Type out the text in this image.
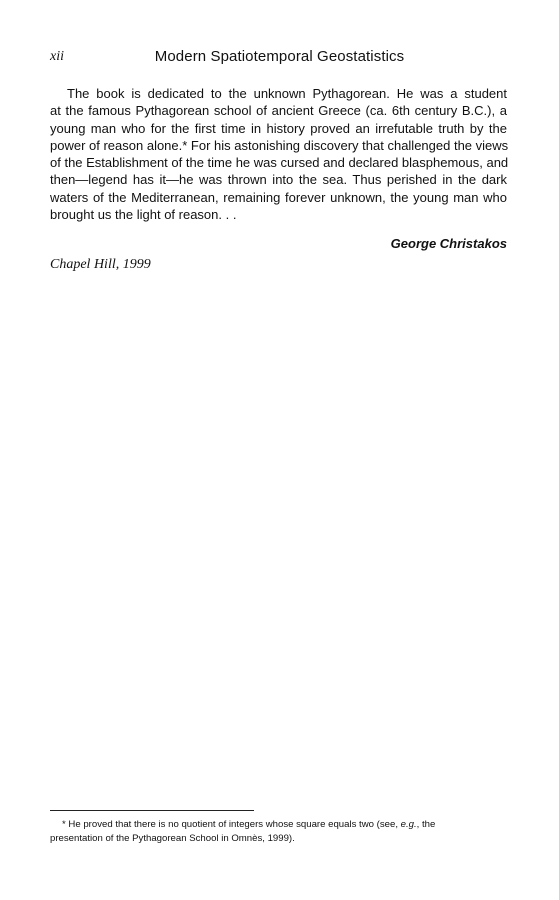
xii	Modern Spatiotemporal Geostatistics
The book is dedicated to the unknown Pythagorean. He was a student
at the famous Pythagorean school of ancient Greece (ca. 6th century B.C.), a
young man who for the first time in history proved an irrefutable truth by the
power of reason alone.* For his astonishing discovery that challenged the views
of the Establishment of the time he was cursed and declared blasphemous, and
then—legend has it—he was thrown into the sea. Thus perished in the dark
waters of the Mediterranean, remaining forever unknown, the young man who
brought us the light of reason. . .
George Christakos
Chapel Hill, 1999
* He proved that there is no quotient of integers whose square equals two (see, e.g., the
presentation of the Pythagorean School in Omnès, 1999).
